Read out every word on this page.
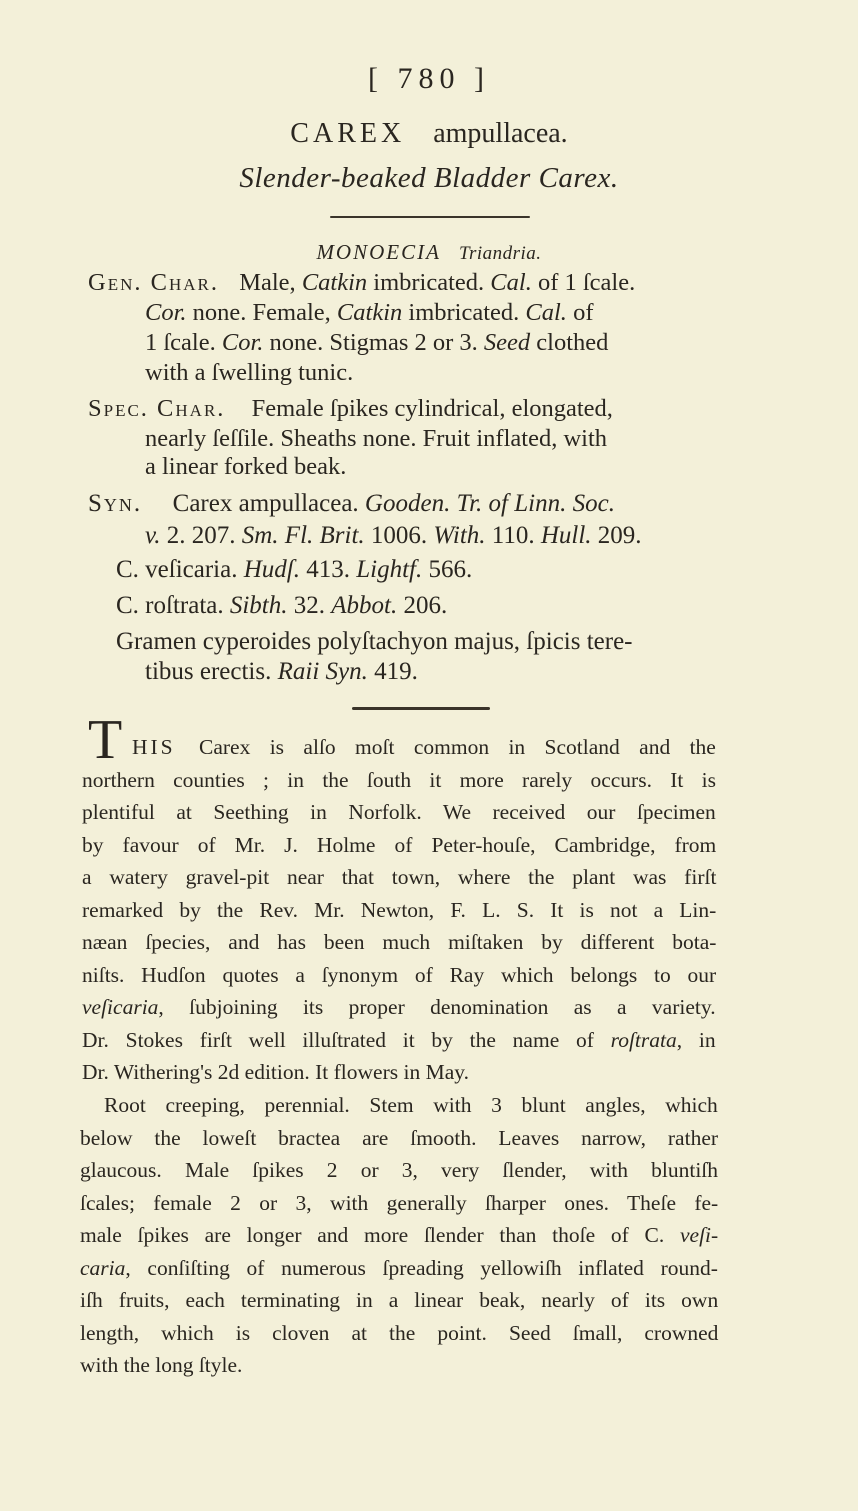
[ 780 ]
CAREX ampullacea.
Slender-beaked Bladder Carex.
MONOECIA Triandria.
Gen. Char. Male, Catkin imbricated. Cal. of 1 ſcale.
Cor. none. Female, Catkin imbricated. Cal. of
1 ſcale. Cor. none. Stigmas 2 or 3. Seed clothed
with a ſwelling tunic.
Spec. Char. Female ſpikes cylindrical, elongated,
nearly ſeſſile. Sheaths none. Fruit inflated, with
a linear forked beak.
Syn. Carex ampullacea. Gooden. Tr. of Linn. Soc.
v. 2. 207. Sm. Fl. Brit. 1006. With. 110. Hull. 209.
C. veſicaria. Hudſ. 413. Lightf. 566.
C. roſtrata. Sibth. 32. Abbot. 206.
Gramen cyperoides polyſtachyon majus, ſpicis tere-
tibus erectis. Raii Syn. 419.
T HIS Carex is alſo moſt common in Scotland and the
northern counties ; in the ſouth it more rarely occurs. It is
plentiful at Seething in Norfolk. We received our ſpecimen
by favour of Mr. J. Holme of Peter-houſe, Cambridge, from
a watery gravel-pit near that town, where the plant was firſt
remarked by the Rev. Mr. Newton, F. L. S. It is not a Lin-
næan ſpecies, and has been much miſtaken by different bota-
niſts. Hudſon quotes a ſynonym of Ray which belongs to our
veſicaria, ſubjoining its proper denomination as a variety.
Dr. Stokes firſt well illuſtrated it by the name of roſtrata, in
Dr. Withering's 2d edition. It flowers in May.
Root creeping, perennial. Stem with 3 blunt angles, which
below the loweſt bractea are ſmooth. Leaves narrow, rather
glaucous. Male ſpikes 2 or 3, very ſlender, with bluntiſh
ſcales; female 2 or 3, with generally ſharper ones. Theſe fe-
male ſpikes are longer and more ſlender than thoſe of C. veſi-
caria, conſiſting of numerous ſpreading yellowiſh inflated round-
iſh fruits, each terminating in a linear beak, nearly of its own
length, which is cloven at the point. Seed ſmall, crowned
with the long ſtyle.
